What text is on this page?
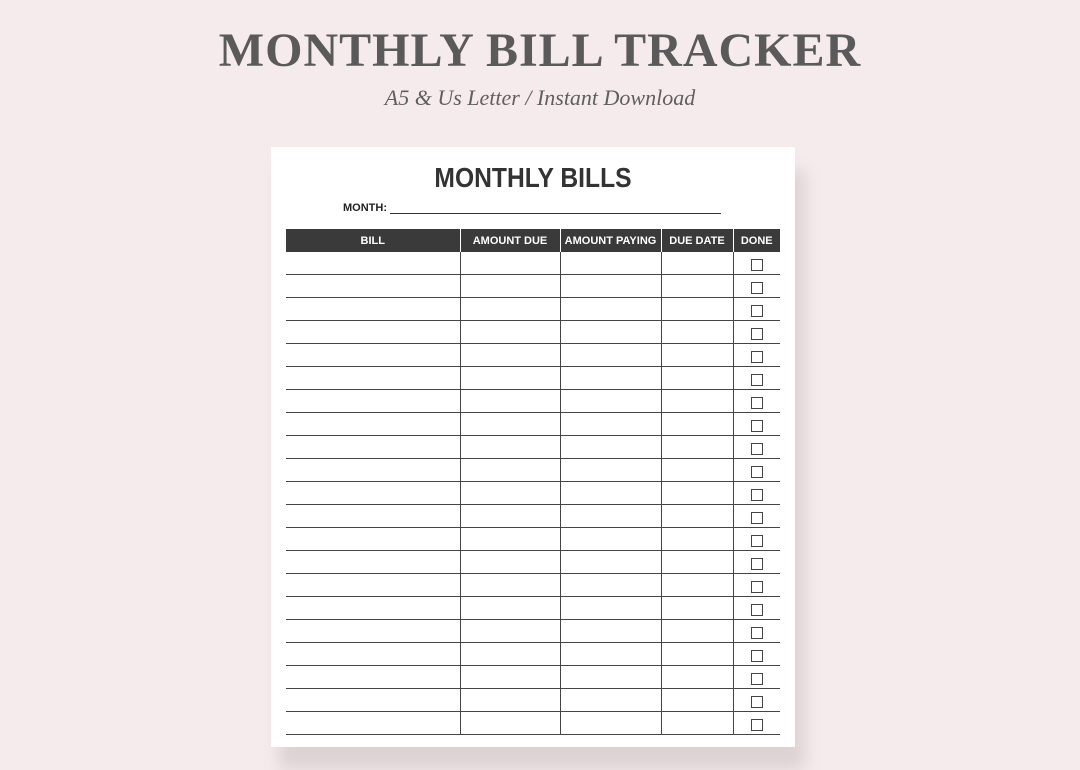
MONTHLY BILL TRACKER
A5 & Us Letter / Instant Download
MONTHLY BILLS
MONTH:
BILL	AMOUNT DUE	AMOUNT PAYING	DUE DATE	DONE
